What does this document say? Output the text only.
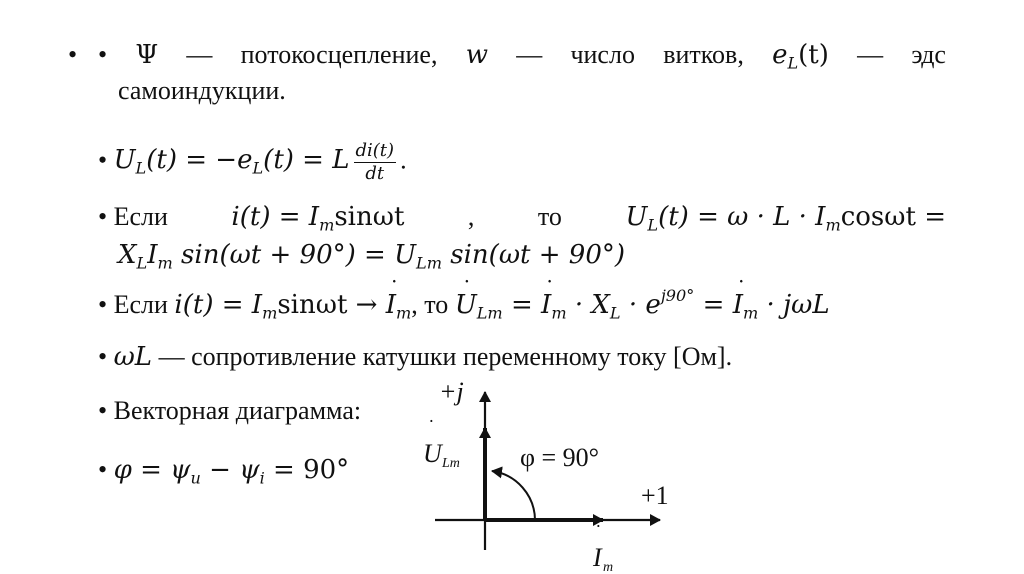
• • Ψ — потокосцепление, w — число витков, $e_L(t)$ — эдс
самоиндукции.
• $U_L(t) = -e_L(t) = L \frac{di(t)}{dt}$ .
• Если $i(t) = I_m\sin\omega t$ , то $U_L(t) = \omega \cdot L \cdot I_m\cos\omega t$ =
$X_LI_m$ $\sin(\omega t + 90^\circ) = U_{Lm}$ sin(ωt + 90°)
• Если $i(t) = I_m\sin\omega t \to I$ $˙_m$, то U $˙_{Lm} = I$ $˙_m \cdot X_L \cdot e^{j90^\circ} = I$ $˙_m \cdot j\omega L$
• ωL — сопротивление катушки переменному току [Ом].
• Векторная диаграмма:
• $\varphi = \psi_u - \psi_i = 90^\circ$
+j
+1
U
˙
Lm φ = 90°
I
˙
m
